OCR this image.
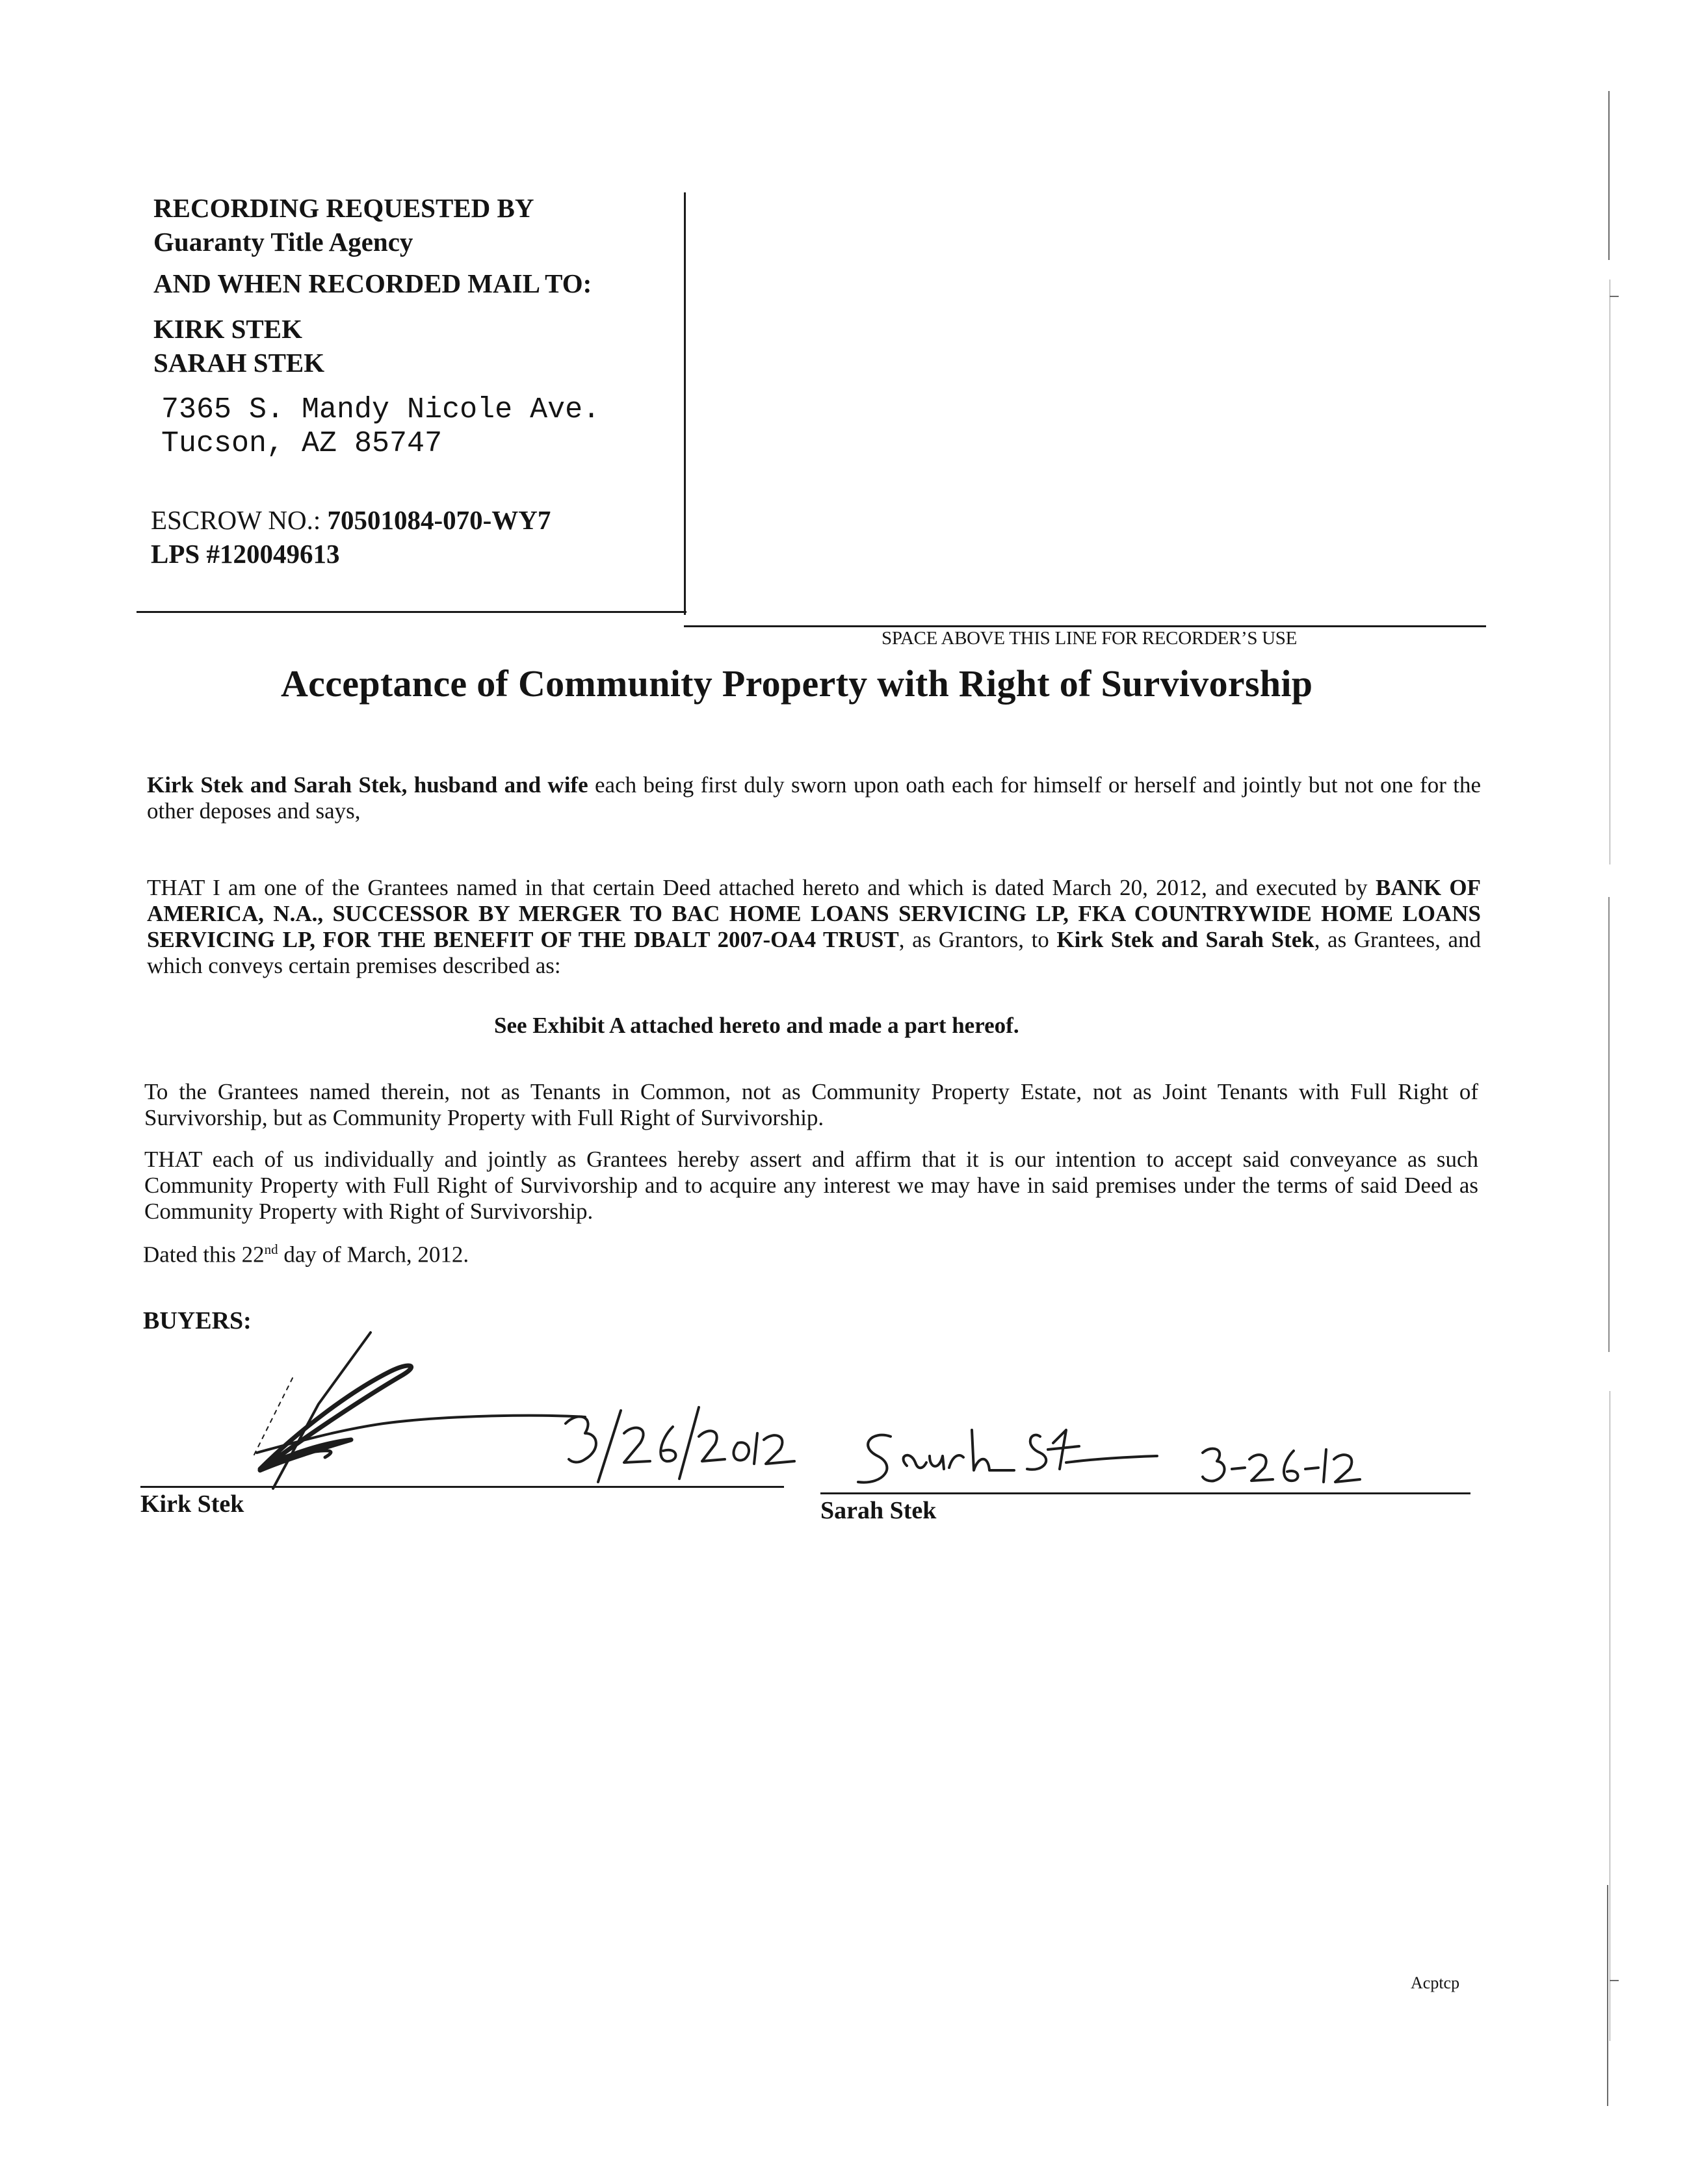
RECORDING REQUESTED BY
Guaranty Title Agency
AND WHEN RECORDED MAIL TO:
KIRK STEK
SARAH STEK
7365 S. Mandy Nicole Ave.
Tucson, AZ 85747
ESCROW NO.: 70501084-070-WY7
LPS #120049613
SPACE ABOVE THIS LINE FOR RECORDER’S USE
Acceptance of Community Property with Right of Survivorship
Kirk Stek and Sarah Stek, husband and wife each being first duly sworn upon oath each for himself or herself and jointly but not one for the other deposes and says,
THAT I am one of the Grantees named in that certain Deed attached hereto and which is dated March 20, 2012, and executed by BANK OF AMERICA, N.A., SUCCESSOR BY MERGER TO BAC HOME LOANS SERVICING LP, FKA COUNTRYWIDE HOME LOANS SERVICING LP, FOR THE BENEFIT OF THE DBALT 2007-OA4 TRUST, as Grantors, to Kirk Stek and Sarah Stek, as Grantees, and which conveys certain premises described as:
See Exhibit A attached hereto and made a part hereof.
To the Grantees named therein, not as Tenants in Common, not as Community Property Estate, not as Joint Tenants with Full Right of Survivorship, but as Community Property with Full Right of Survivorship.
THAT each of us individually and jointly as Grantees hereby assert and affirm that it is our intention to accept said conveyance as such Community Property with Full Right of Survivorship and to acquire any interest we may have in said premises under the terms of said Deed as Community Property with Right of Survivorship.
Dated this 22nd day of March, 2012.
BUYERS:
Kirk Stek	Sarah Stek
Acptcp
